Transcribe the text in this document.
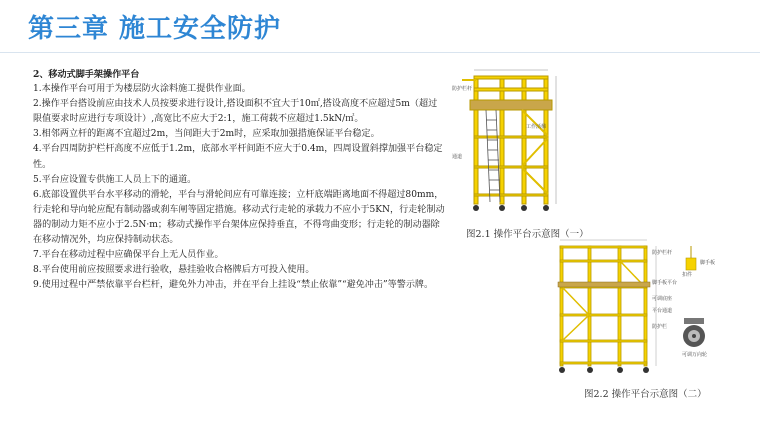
第三章 施工安全防护

2、移动式脚手架操作平台

1.本操作平台可用于为楼层防火涂料施工提供作业面。

2.操作平台搭设前应由技术人员按要求进行设计,搭设面积不宜大于10㎡,搭设高度不应超过5m（超过限值要求时应进行专项设计）,高宽比不应大于2:1，施工荷载不应超过1.5kN/㎡。

3.相邻两立杆的距离不宜超过2m，当间距大于2m时，应采取加强措施保证平台稳定。

4.平台四周防护栏杆高度不应低于1.2m，底部水平杆间距不应大于0.4m，四周设置斜撑加强平台稳定性。

5.平台应设置专供施工人员上下的通道。

6.底部设置供平台水平移动的滑轮，平台与滑轮间应有可靠连接；立杆底端距离地面不得超过80mm，行走轮和导向轮应配有制动器或刹车闸等固定措施。移动式行走轮的承载力不应小于5KN，行走轮制动器的制动力矩不应小于2.5N·m；移动式操作平台架体应保持垂直，不得弯曲变形；行走轮的制动器除在移动情况外，均应保持制动状态。

7.平台在移动过程中应确保平台上无人员作业。

8.平台使用前应按照要求进行验收，悬挂验收合格牌后方可投入使用。

9.使用过程中严禁依靠平台栏杆，避免外力冲击，并在平台上挂设“禁止依靠”“避免冲击”等警示牌。

防护栏杆
工作活梯
通道
图2.1 操作平台示意图（一）
防护栏杆
脚手板平台
可调底座
平台通道
防护栏
可调万向轮
扣件
脚手板
图2.2 操作平台示意图（二）
